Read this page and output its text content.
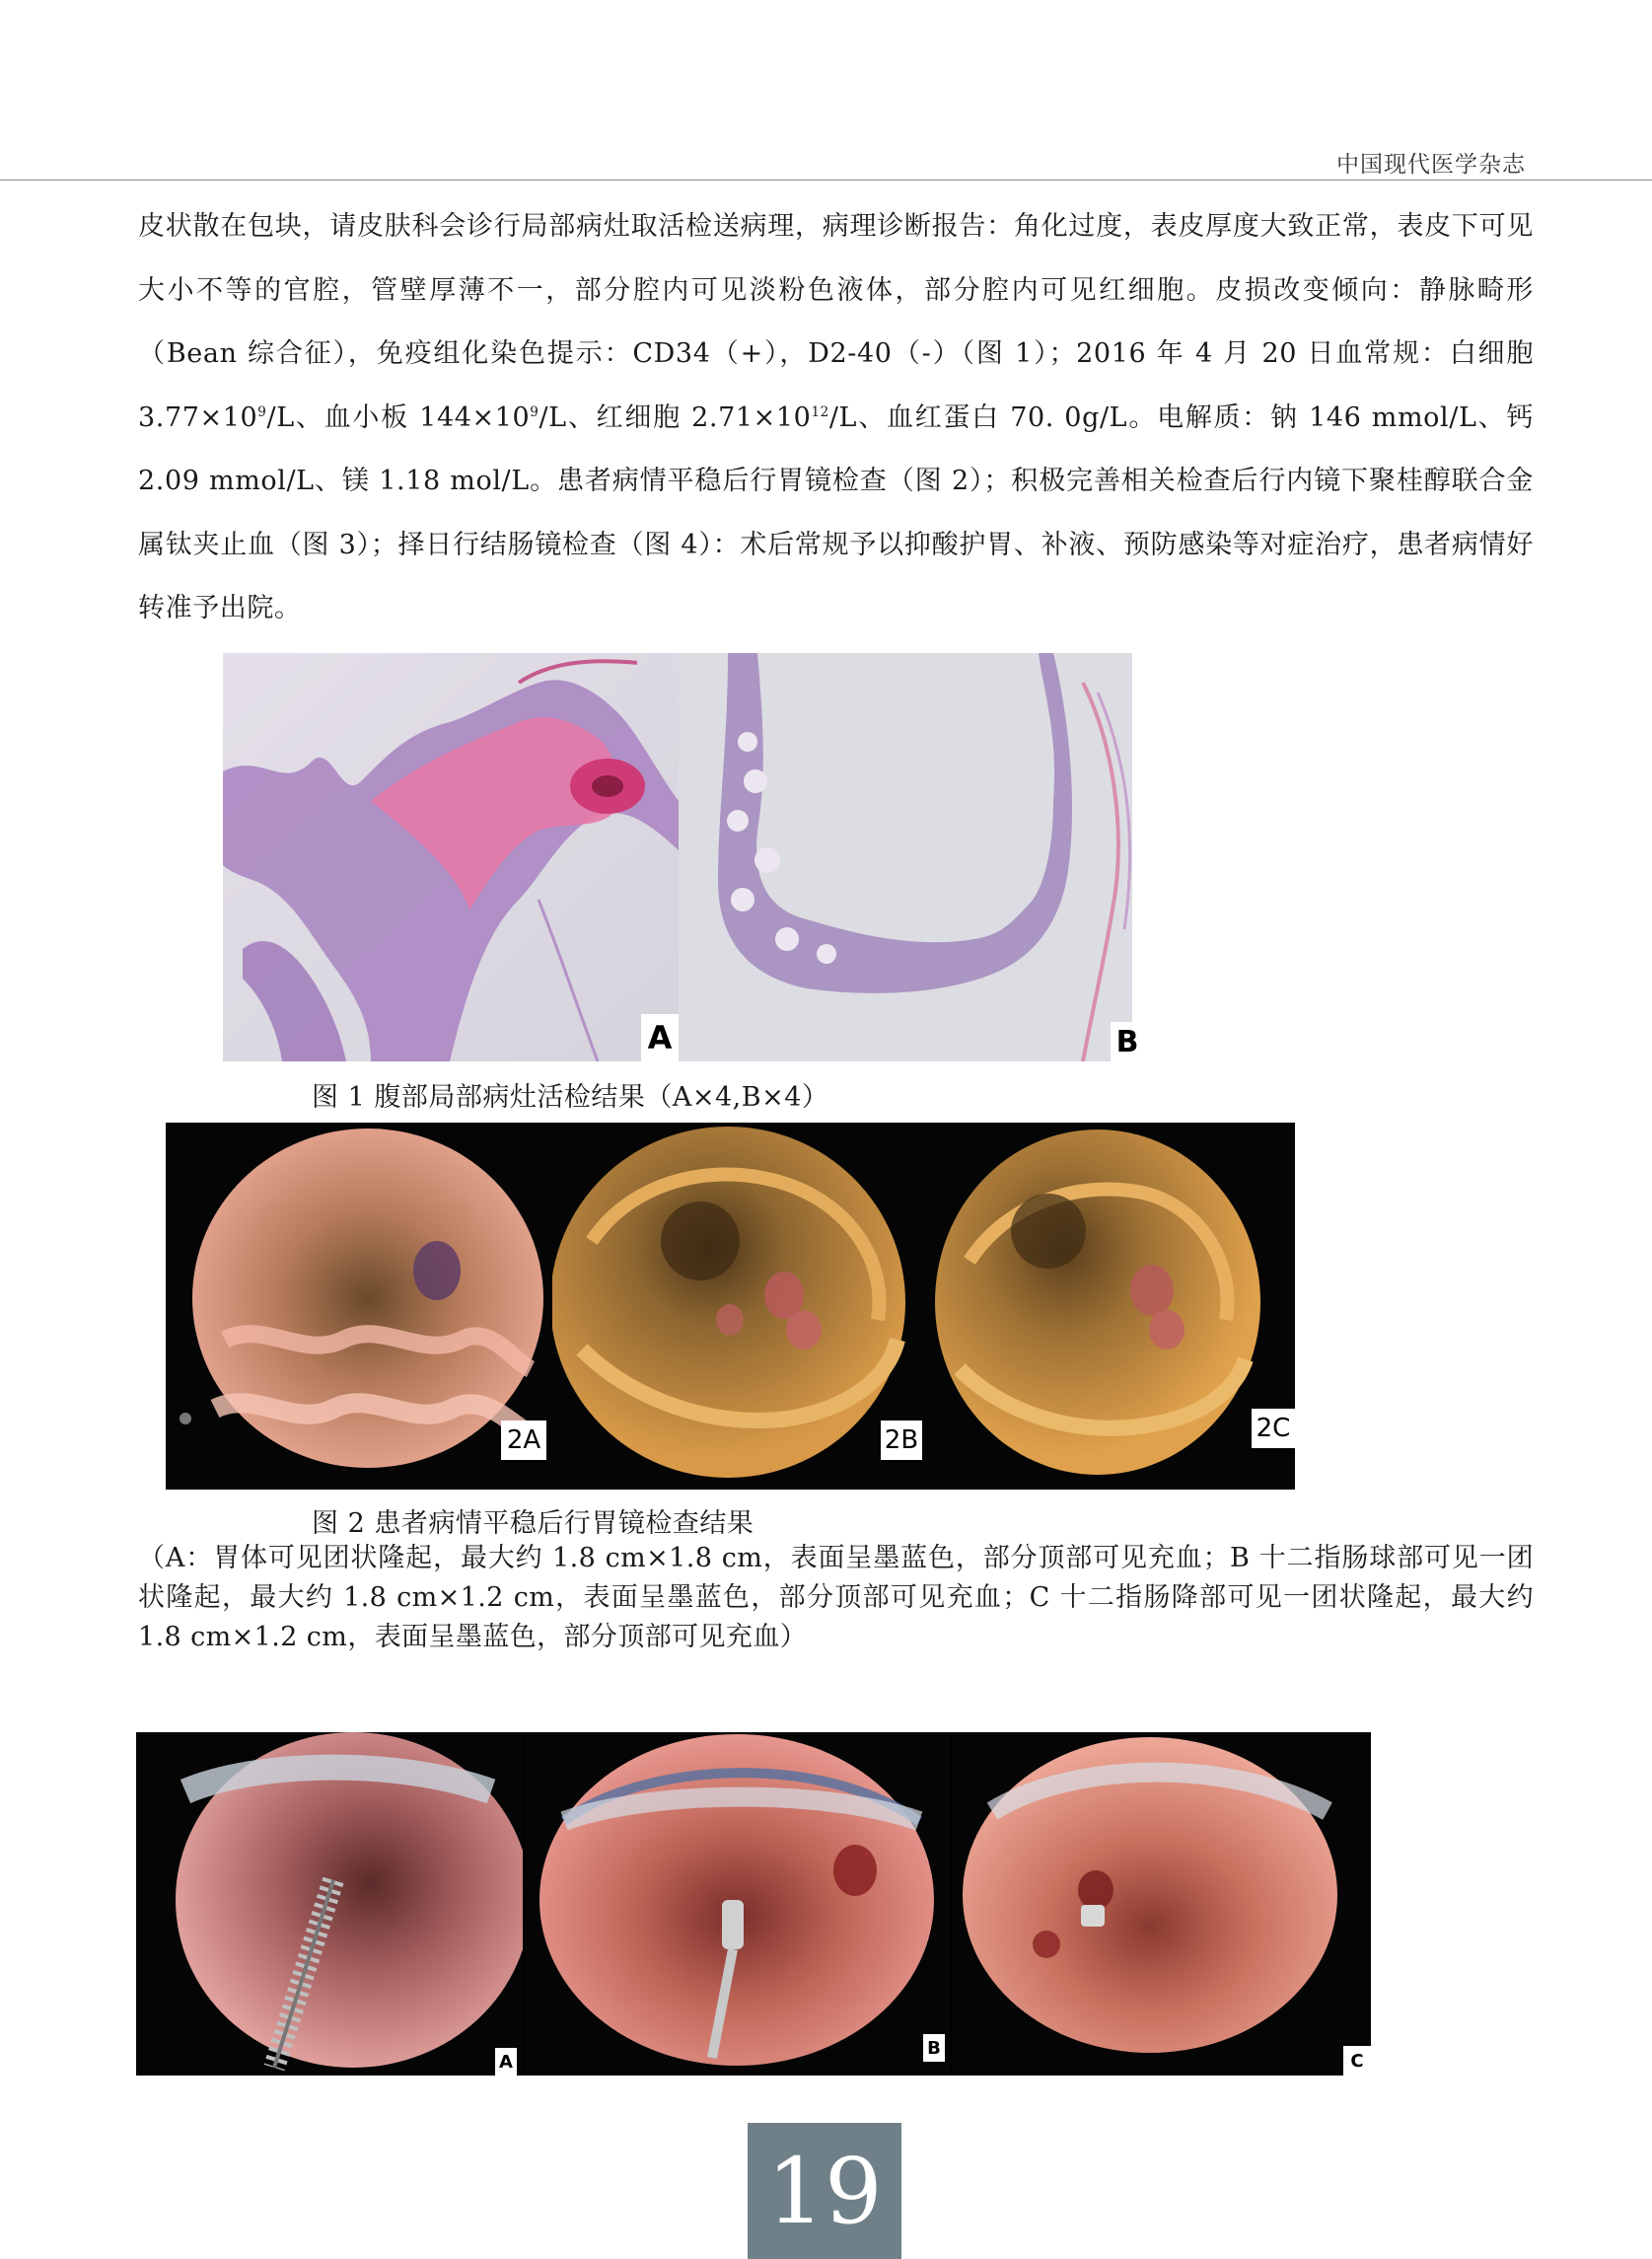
中国现代医学杂志

皮状散在包块，请皮肤科会诊行局部病灶取活检送病理，病理诊断报告：角化过度，表皮厚度大致正常，表皮下可见大小不等的官腔，管壁厚薄不一，部分腔内可见淡粉色液体，部分腔内可见红细胞。皮损改变倾向：静脉畸形（Bean 综合征），免疫组化染色提示：CD34（+），D2-40（-）（图 1）；2016 年 4 月 20 日血常规：白细胞 $3.77\times 10^9/L$、血小板 $144\times 10^9/L$、红细胞 $2.71\times 10^{12}/L$、血红蛋白 70. 0g/L。电解质：钠 146 mmol/L、钙 2.09 mmol/L、镁 1.18 mol/L。患者病情平稳后行胃镜检查（图 2）；积极完善相关检查后行内镜下聚桂醇联合金属钛夹止血（图 3）；择日行结肠镜检查（图 4）：术后常规予以抑酸护胃、补液、预防感染等对症治疗，患者病情好转准予出院。

A	B
图 1 腹部局部病灶活检结果（A×4,B×4）
2A	2B	2C
图 2 患者病情平稳后行胃镜检查结果
（A：胃体可见团状隆起，最大约 1.8 cm×1.8 cm，表面呈墨蓝色，部分顶部可见充血；B 十二指肠球部可见一团状隆起，最大约 1.8 cm×1.2 cm，表面呈墨蓝色，部分顶部可见充血；C 十二指肠降部可见一团状隆起，最大约 1.8 cm×1.2 cm，表面呈墨蓝色，部分顶部可见充血）
A
B
C
19
